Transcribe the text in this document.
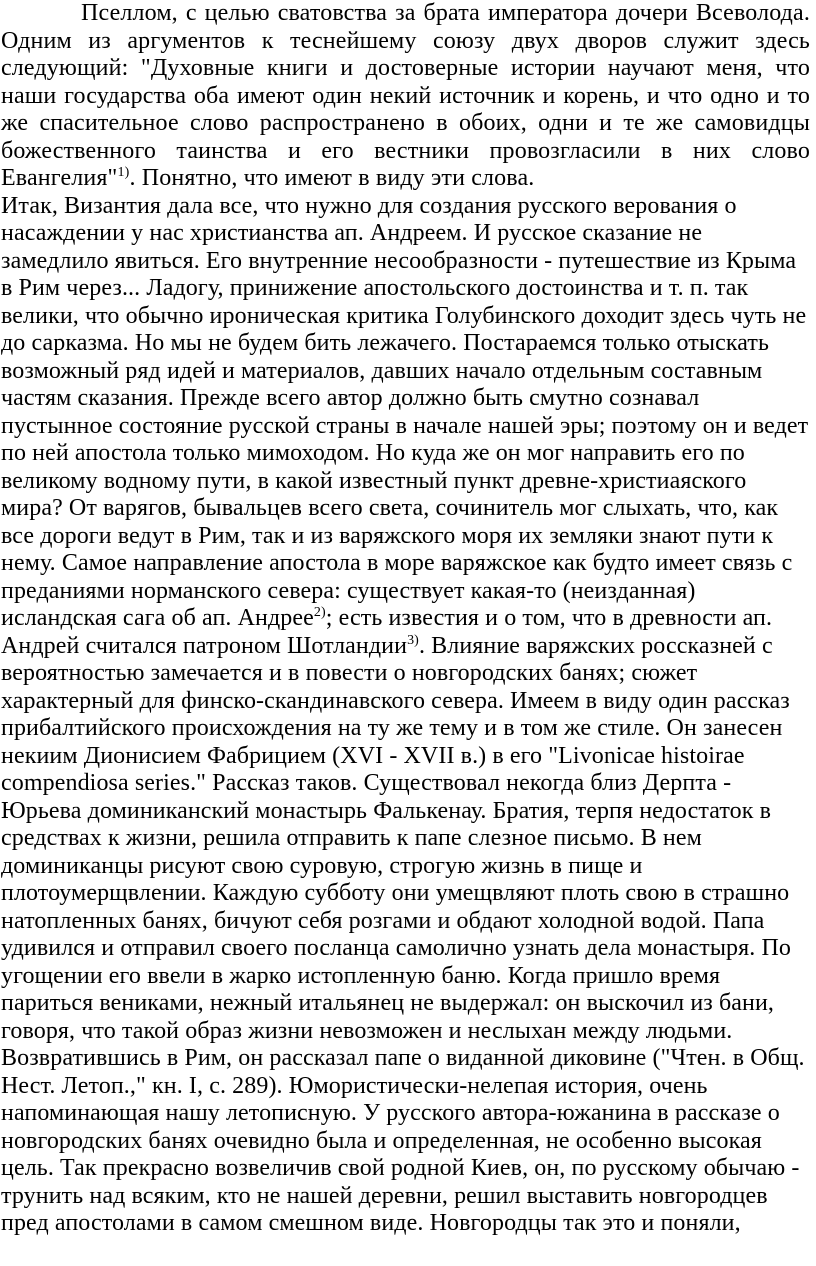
Пселлом, с целью сватовства за брата императора дочери Всеволода. Одним из аргументов к теснейшему союзу двух дворов служит здесь следующий: "Духовные книги и достоверные истории научают меня, что наши государства оба имеют один некий источник и корень, и что одно и то же спасительное слово распространено в обоих, одни и те же самовидцы божественного таинства и его вестники провозгласили в них слово Евангелия"$^{1)}$. Понятно, что имеют в виду эти слова.

Итак, Византия дала все, что нужно для создания русского верования о насаждении у нас христианства ап. Андреем. И русское сказание не замедлило явиться. Его внутренние несообразности - путешествие из Крыма в Рим через... Ладогу, принижение апостольского достоинства и т. п. так велики, что обычно ироническая критика Голубинского доходит здесь чуть не до сарказма. Но мы не будем бить лежачего. Постараемся только отыскать возможный ряд идей и материалов, давших начало отдельным составным частям сказания. Прежде всего автор должно быть смутно сознавал пустынное состояние русской страны в начале нашей эры; поэтому он и ведет по ней апостола только мимоходом. Но куда же он мог направить его по великому водному пути, в какой известный пункт древне-христиаяского мира? От варягов, бывальцев всего света, сочинитель мог слыхать, что, как все дороги ведут в Рим, так и из варяжского моря их земляки знают пути к нему. Самое направление апостола в море варяжское как будто имеет связь с преданиями норманского севера: существует какая-то (неизданная) исландская сага об ап. Андрее$^{2)}$; есть известия и о том, что в древности ап. Андрей считался патроном Шотландии$^{3)}$. Влияние варяжских россказней с вероятностью замечается и в повести о новгородских банях; сюжет характерный для финско-скандинавского севера. Имеем в виду один рассказ прибалтийского происхождения на ту же тему и в том же стиле. Он занесен некиим Дионисием Фабрицием (XVI - XVII в.) в его "Livonicae histoirae compendiosa series." Рассказ таков. Существовал некогда близ Дерпта - Юрьева доминиканский монастырь Фалькенау. Братия, терпя недостаток в средствах к жизни, решила отправить к папе слезное письмо. В нем доминиканцы рисуют свою суровую, строгую жизнь в пище и плотоумерщвлении. Каждую субботу они умещвляют плоть свою в страшно натопленных банях, бичуют себя розгами и обдают холодной водой. Папа удивился и отправил своего посланца самолично узнать дела монастыря. По угощении его ввели в жарко истопленную баню. Когда пришло время париться вениками, нежный итальянец не выдержал: он выскочил из бани, говоря, что такой образ жизни невозможен и неслыхан между людьми. Возвратившись в Рим, он рассказал папе о виданной диковине ("Чтен. в Общ. Нест. Летоп.," кн. I, с. 289). Юмористически-нелепая история, очень напоминающая нашу летописную. У русского автора-южанина в рассказе о новгородских банях очевидно была и определенная, не особенно высокая цель. Так прекрасно возвеличив свой родной Киев, он, по русскому обычаю - трунить над всяким, кто не нашей деревни, решил выставить новгородцев пред апостолами в самом смешном виде. Новгородцы так это и поняли,
